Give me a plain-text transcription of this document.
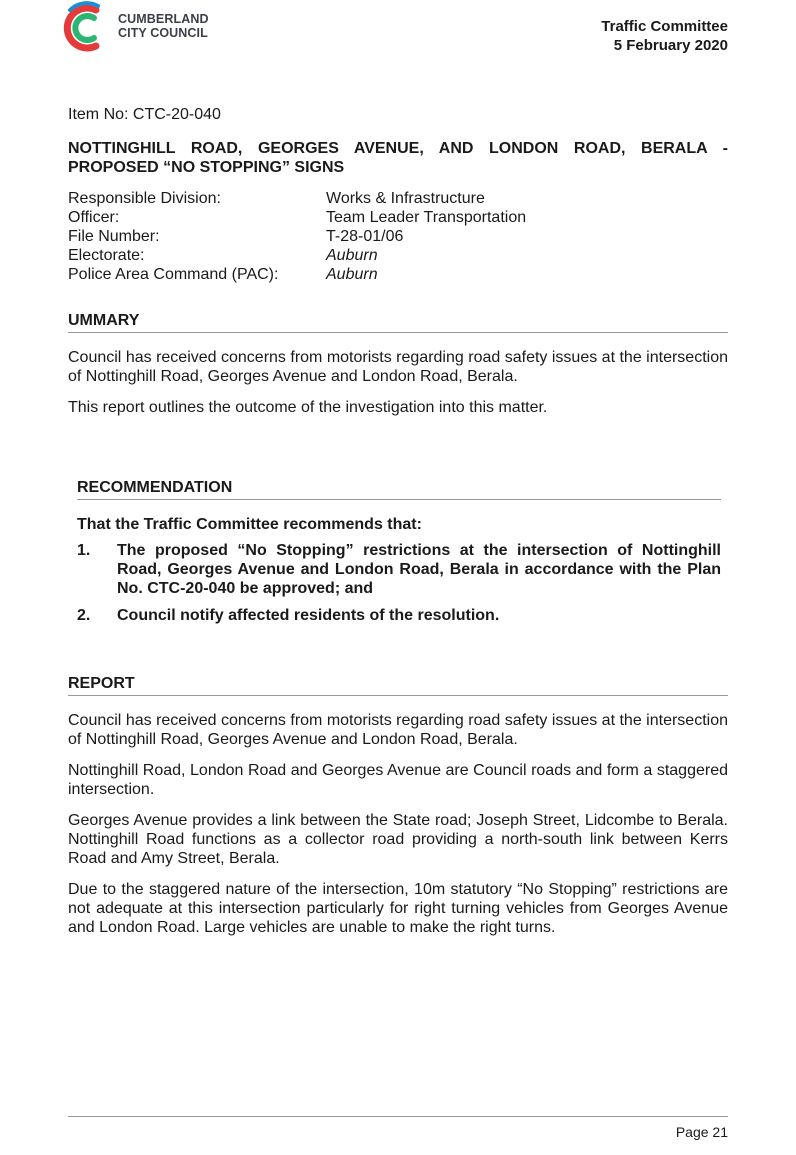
CUMBERLAND
CITY COUNCIL	Traffic Committee
5 February 2020

Item No: CTC-20-040

NOTTINGHILL ROAD, GEORGES AVENUE, AND LONDON ROAD, BERALA - PROPOSED “NO STOPPING” SIGNS

Responsible Division:	Works & Infrastructure
Officer:	Team Leader Transportation
File Number:	T-28-01/06
Electorate:	Auburn
Police Area Command (PAC):	Auburn
UMMARY

Council has received concerns from motorists regarding road safety issues at the intersection of Nottinghill Road, Georges Avenue and London Road, Berala.

This report outlines the outcome of the investigation into this matter.

RECOMMENDATION

That the Traffic Committee recommends that:

1.	The proposed “No Stopping” restrictions at the intersection of Nottinghill Road, Georges Avenue and London Road, Berala in accordance with the Plan No. CTC-20-040 be approved; and
2.	Council notify affected residents of the resolution.
REPORT

Council has received concerns from motorists regarding road safety issues at the intersection of Nottinghill Road, Georges Avenue and London Road, Berala.

Nottinghill Road, London Road and Georges Avenue are Council roads and form a staggered intersection.

Georges Avenue provides a link between the State road; Joseph Street, Lidcombe to Berala. Nottinghill Road functions as a collector road providing a north-south link between Kerrs Road and Amy Street, Berala.

Due to the staggered nature of the intersection, 10m statutory “No Stopping” restrictions are not adequate at this intersection particularly for right turning vehicles from Georges Avenue and London Road. Large vehicles are unable to make the right turns.

Page 21
